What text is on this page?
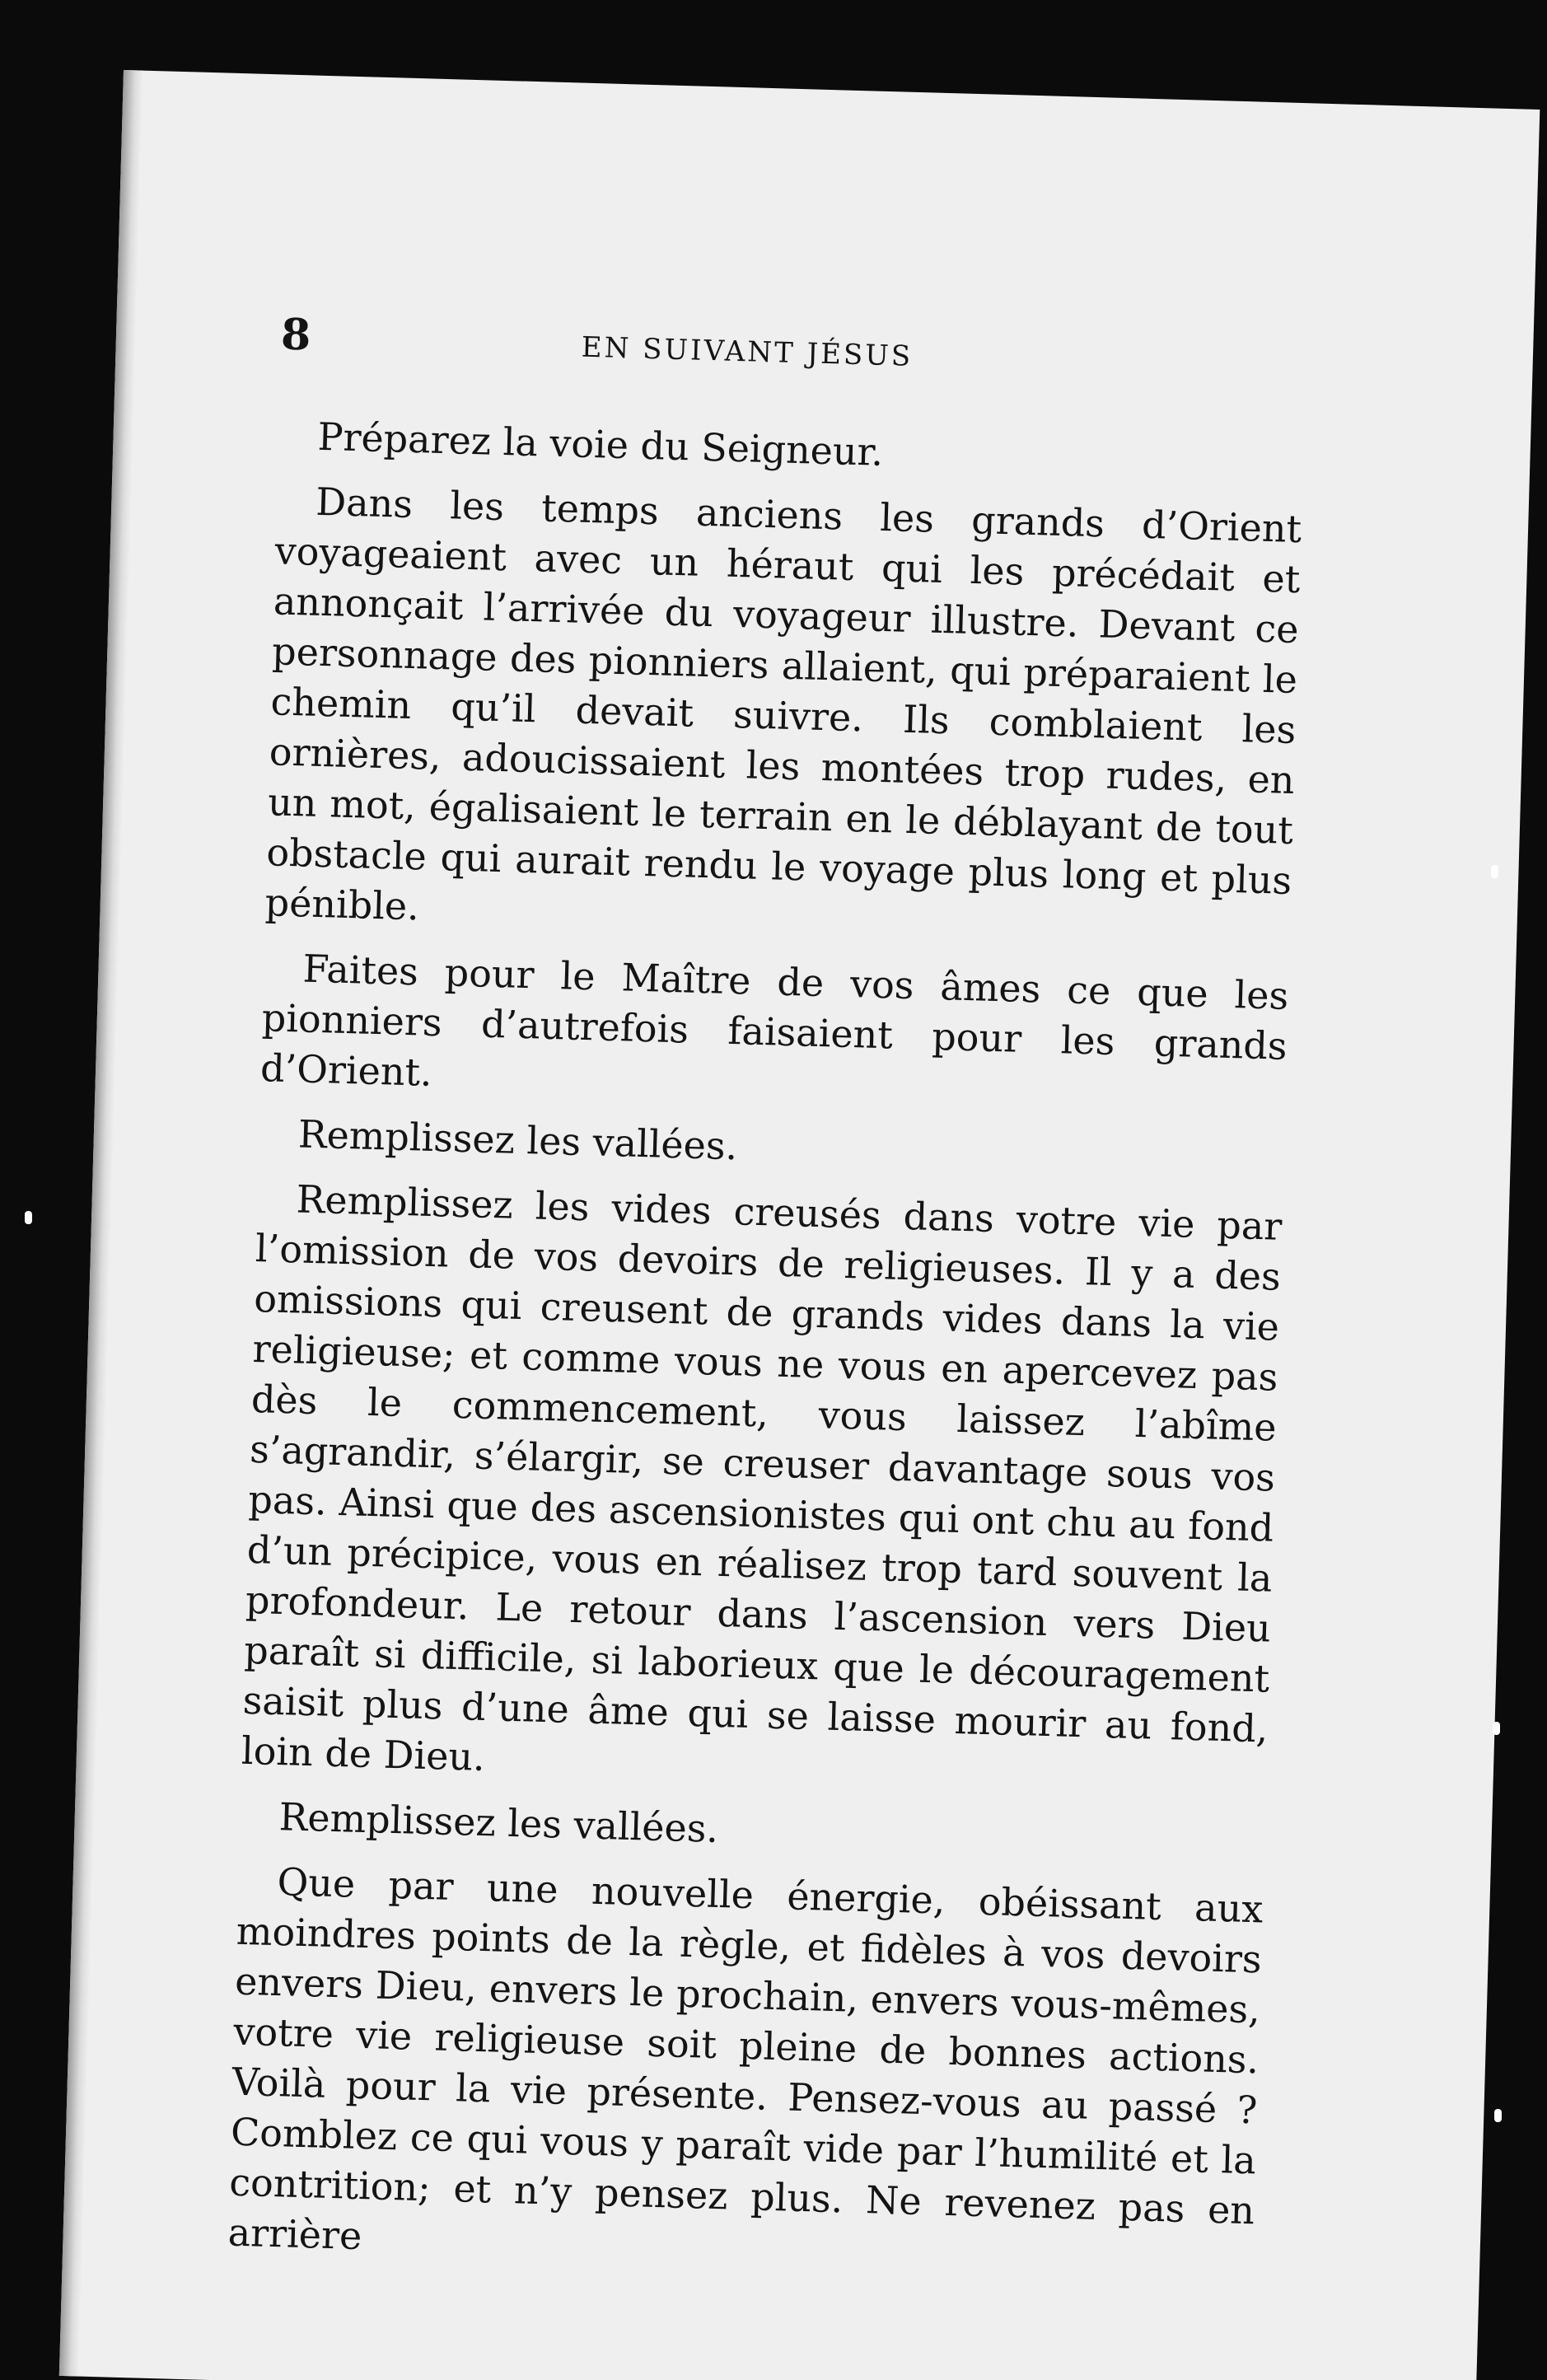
8	EN SUIVANT JÉSUS

Préparez la voie du Seigneur.

Dans les temps anciens les grands d’Orient voyageaient avec un héraut qui les précédait et annonçait l’arrivée du voyageur illustre. Devant ce personnage des pionniers allaient, qui préparaient le chemin qu’il devait suivre. Ils comblaient les ornières, adoucissaient les montées trop rudes, en un mot, égalisaient le terrain en le déblayant de tout obstacle qui aurait rendu le voyage plus long et plus pénible.

Faites pour le Maître de vos âmes ce que les pionniers d’autrefois faisaient pour les grands d’Orient.

Remplissez les vallées.

Remplissez les vides creusés dans votre vie par l’omission de vos devoirs de religieuses. Il y a des omissions qui creusent de grands vides dans la vie religieuse; et comme vous ne vous en apercevez pas dès le commencement, vous laissez l’abîme s’agrandir, s’élargir, se creuser davantage sous vos pas. Ainsi que des ascensionistes qui ont chu au fond d’un précipice, vous en réalisez trop tard souvent la profondeur. Le retour dans l’ascension vers Dieu paraît si difficile, si laborieux que le découragement saisit plus d’une âme qui se laisse mourir au fond, loin de Dieu.

Remplissez les vallées.

Que par une nouvelle énergie, obéissant aux moindres points de la règle, et fidèles à vos devoirs envers Dieu, envers le prochain, envers vous-mêmes, votre vie religieuse soit pleine de bonnes actions. Voilà pour la vie présente. Pensez-vous au passé ? Comblez ce qui vous y paraît vide par l’humilité et la contrition; et n’y pensez plus. Ne revenez pas en arrière
